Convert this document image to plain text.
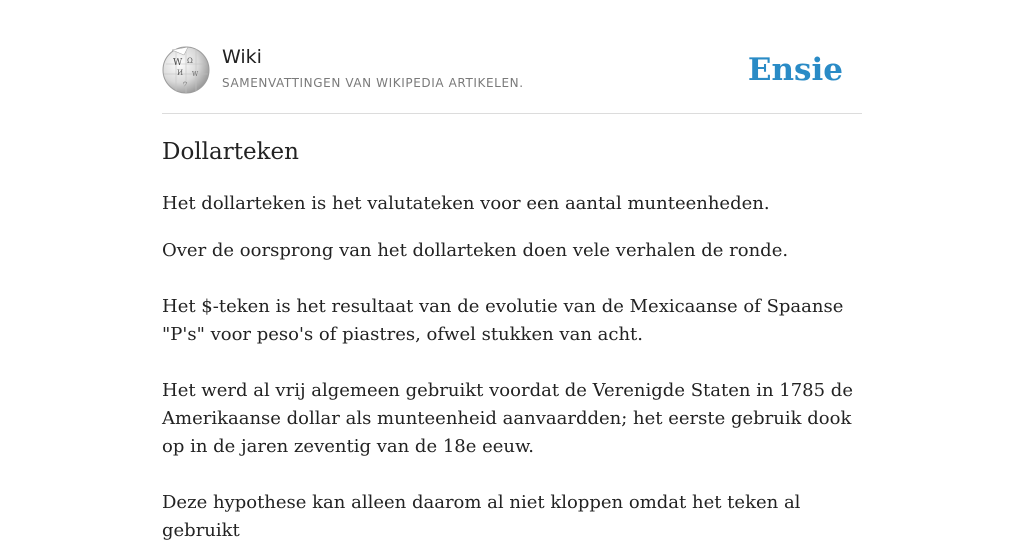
W Ω
И W
ウ
Wiki
SAMENVATTINGEN VAN WIKIPEDIA ARTIKELEN.	Ensie
Dollarteken

Het dollarteken is het valutateken voor een aantal munteenheden.

Over de oorsprong van het dollarteken doen vele verhalen de ronde.

Het $-teken is het resultaat van de evolutie van de Mexicaanse of Spaanse "P's" voor peso's of piastres, ofwel stukken van acht.

Het werd al vrij algemeen gebruikt voordat de Verenigde Staten in 1785 de Amerikaanse dollar als munteenheid aanvaardden; het eerste gebruik dook op in de jaren zeventig van de 18e eeuw.

Deze hypothese kan alleen daarom al niet kloppen omdat het teken al gebruikt
